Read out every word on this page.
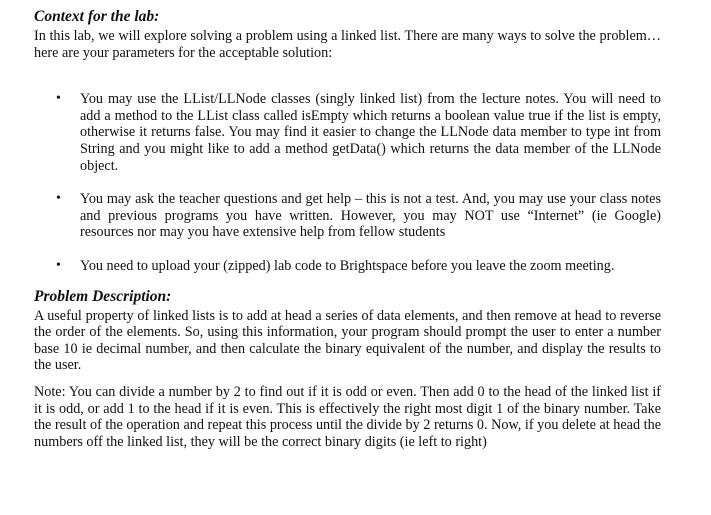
Context for the lab:

In this lab, we will explore solving a problem using a linked list. There are many ways to solve the problem…here are your parameters for the acceptable solution:

• You may use the LList/LLNode classes (singly linked list) from the lecture notes. You will need to add a method to the LList class called isEmpty which returns a boolean value true if the list is empty, otherwise it returns false. You may find it easier to change the LLNode data member to type int from String and you might like to add a method getData() which returns the data member of the LLNode object.
• You may ask the teacher questions and get help – this is not a test. And, you may use your class notes and previous programs you have written. However, you may NOT use “Internet” (ie Google) resources nor may you have extensive help from fellow students
• You need to upload your (zipped) lab code to Brightspace before you leave the zoom meeting.
Problem Description:

A useful property of linked lists is to add at head a series of data elements, and then remove at head to reverse the order of the elements. So, using this information, your program should prompt the user to enter a number base 10 ie decimal number, and then calculate the binary equivalent of the number, and display the results to the user.

Note: You can divide a number by 2 to find out if it is odd or even. Then add 0 to the head of the linked list if it is odd, or add 1 to the head if it is even. This is effectively the right most digit 1 of the binary number. Take the result of the operation and repeat this process until the divide by 2 returns 0. Now, if you delete at head the numbers off the linked list, they will be the correct binary digits (ie left to right)
